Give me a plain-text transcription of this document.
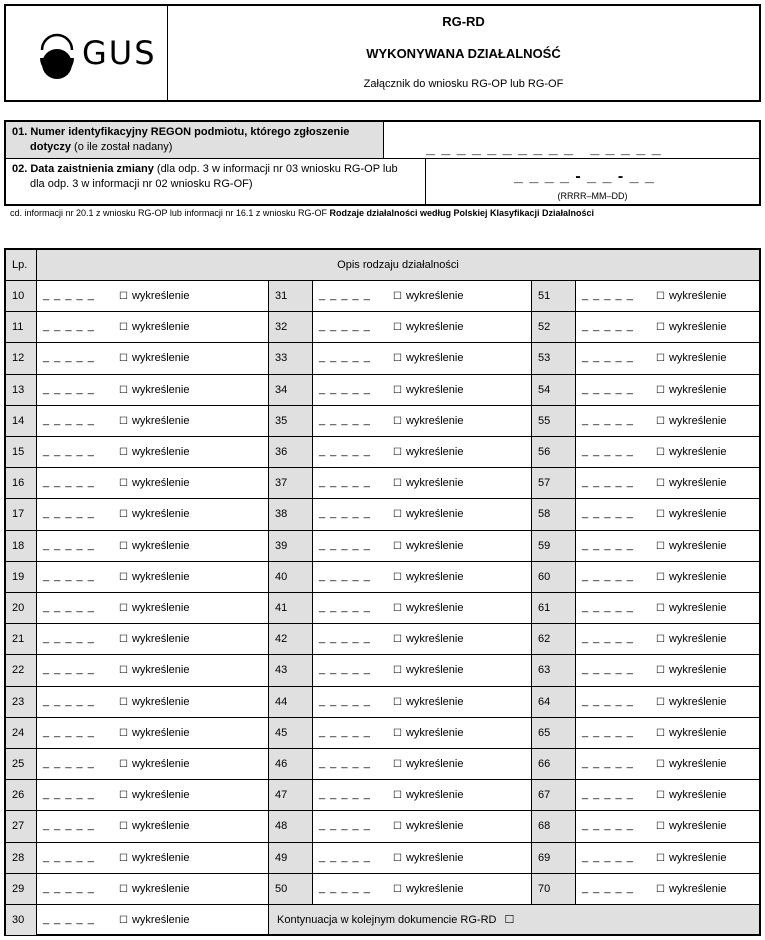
GUS
RG-RD
WYKONYWANA DZIAŁALNOŚĆ
Załącznik do wniosku RG-OP lub RG-OF
01. Numer identyfikacyjny REGON podmiotu, którego zgłoszenie
dotyczy (o ile został nadany)	_ _ _ _ _ _ _ _ _ _   _ _ _ _ _
02. Data zaistnienia zmiany (dla odp. 3 w informacji nr 03 wniosku RG-OP lub
dla odp. 3 w informacji nr 02 wniosku RG-OF)	_ _ _ _ - _ _ - _ _
(RRRR–MM–DD)
cd. informacji nr 20.1 z wniosku RG-OP lub informacji nr 16.1 z wniosku RG-OF Rodzaje działalności według Polskiej Klasyfikacji Działalności
Lp.	Opis rodzaju działalności
10	_ _ _ _ _ ☐ wykreślenie
11	_ _ _ _ _ ☐ wykreślenie
12	_ _ _ _ _ ☐ wykreślenie
13	_ _ _ _ _ ☐ wykreślenie
14	_ _ _ _ _ ☐ wykreślenie
15	_ _ _ _ _ ☐ wykreślenie
16	_ _ _ _ _ ☐ wykreślenie
17	_ _ _ _ _ ☐ wykreślenie
18	_ _ _ _ _ ☐ wykreślenie
19	_ _ _ _ _ ☐ wykreślenie
20	_ _ _ _ _ ☐ wykreślenie
21	_ _ _ _ _ ☐ wykreślenie
22	_ _ _ _ _ ☐ wykreślenie
23	_ _ _ _ _ ☐ wykreślenie
24	_ _ _ _ _ ☐ wykreślenie
25	_ _ _ _ _ ☐ wykreślenie
26	_ _ _ _ _ ☐ wykreślenie
27	_ _ _ _ _ ☐ wykreślenie
28	_ _ _ _ _ ☐ wykreślenie
29	_ _ _ _ _ ☐ wykreślenie
30	_ _ _ _ _ ☐ wykreślenie
31	_ _ _ _ _ ☐ wykreślenie
32	_ _ _ _ _ ☐ wykreślenie
33	_ _ _ _ _ ☐ wykreślenie
34	_ _ _ _ _ ☐ wykreślenie
35	_ _ _ _ _ ☐ wykreślenie
36	_ _ _ _ _ ☐ wykreślenie
37	_ _ _ _ _ ☐ wykreślenie
38	_ _ _ _ _ ☐ wykreślenie
39	_ _ _ _ _ ☐ wykreślenie
40	_ _ _ _ _ ☐ wykreślenie
41	_ _ _ _ _ ☐ wykreślenie
42	_ _ _ _ _ ☐ wykreślenie
43	_ _ _ _ _ ☐ wykreślenie
44	_ _ _ _ _ ☐ wykreślenie
45	_ _ _ _ _ ☐ wykreślenie
46	_ _ _ _ _ ☐ wykreślenie
47	_ _ _ _ _ ☐ wykreślenie
48	_ _ _ _ _ ☐ wykreślenie
49	_ _ _ _ _ ☐ wykreślenie
50	_ _ _ _ _ ☐ wykreślenie
51	_ _ _ _ _ ☐ wykreślenie
52	_ _ _ _ _ ☐ wykreślenie
53	_ _ _ _ _ ☐ wykreślenie
54	_ _ _ _ _ ☐ wykreślenie
55	_ _ _ _ _ ☐ wykreślenie
56	_ _ _ _ _ ☐ wykreślenie
57	_ _ _ _ _ ☐ wykreślenie
58	_ _ _ _ _ ☐ wykreślenie
59	_ _ _ _ _ ☐ wykreślenie
60	_ _ _ _ _ ☐ wykreślenie
61	_ _ _ _ _ ☐ wykreślenie
62	_ _ _ _ _ ☐ wykreślenie
63	_ _ _ _ _ ☐ wykreślenie
64	_ _ _ _ _ ☐ wykreślenie
65	_ _ _ _ _ ☐ wykreślenie
66	_ _ _ _ _ ☐ wykreślenie
67	_ _ _ _ _ ☐ wykreślenie
68	_ _ _ _ _ ☐ wykreślenie
69	_ _ _ _ _ ☐ wykreślenie
70	_ _ _ _ _ ☐ wykreślenie
Kontynuacja w kolejnym dokumencie RG-RD ☐
